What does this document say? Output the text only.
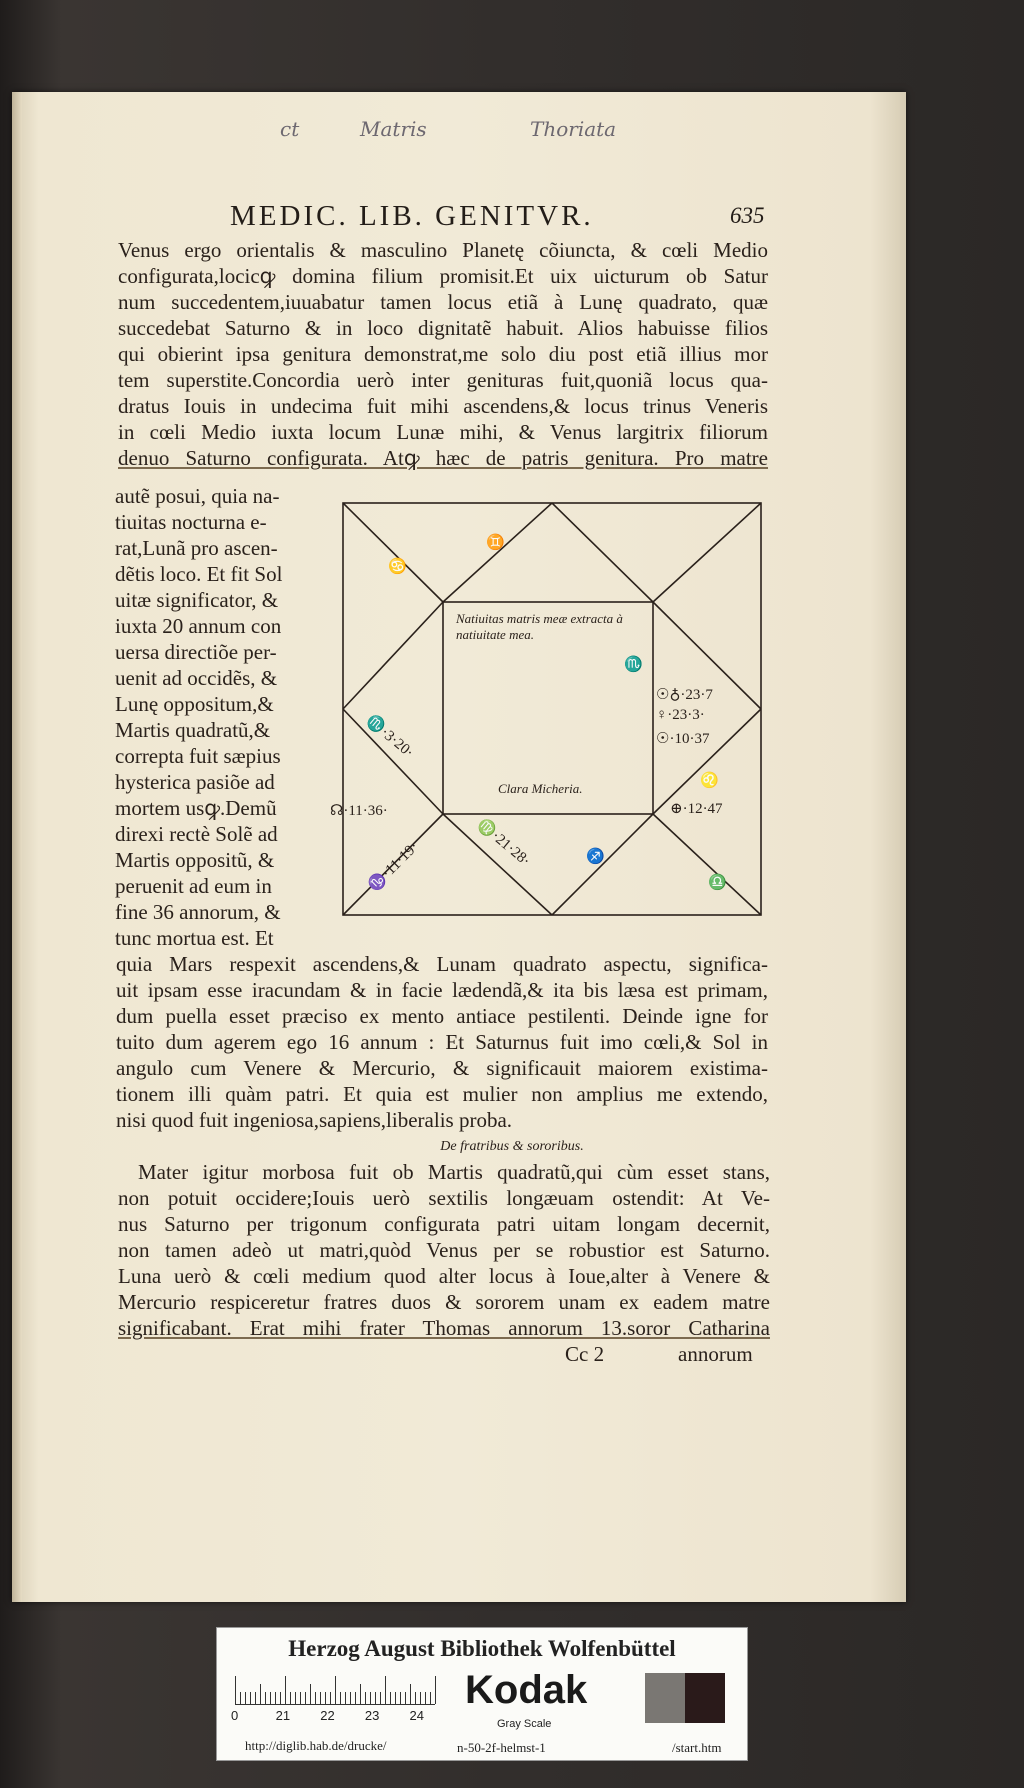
ct	Matris	Thoriata
MEDIC. LIB. GENITVR.	635
Venus ergo orientalis & masculino Planetę cõiuncta, & cœli Medio
configurata,locicꝙ domina filium promisit.Et uix uicturum ob Satur
num succedentem,iuuabatur tamen locus etiã à Lunę quadrato, quæ
succedebat Saturno & in loco dignitatẽ habuit. Alios habuisse filios
qui obierint ipsa genitura demonstrat,me solo diu post etiã illius mor
tem superstite.Concordia uerò inter genituras fuit,quoniã locus qua-
dratus Iouis in undecima fuit mihi ascendens,& locus trinus Veneris
in cœli Medio iuxta locum Lunæ mihi, & Venus largitrix filiorum
denuo Saturno configurata. Atꝙ hæc de patris genitura. Pro matre
autẽ posui, quia na-
tiuitas nocturna e-
rat,Lunã pro ascen-
dẽtis loco. Et fit Sol
uitæ significator, &
iuxta 20 annum con
uersa directiõe per-
uenit ad occidẽs, &
Lunę oppositum,&
Martis quadratũ,&
correpta fuit sæpius
hysterica pasiõe ad
mortem usꝙ.Demũ
direxi rectè Solẽ ad
Martis oppositũ, &
peruenit ad eum in
fine 36 annorum, &
tunc mortua est. Et
Natiuitas matris meæ extracta à natiuitate mea.
Clara Micheria.
☉♁·23·7
♀·23·3·
☉·10·37
☊·11·36·
♌
⊕·12·47
♏·3·20·
♏
♍·21·28·
♑·11·19·
♋
♊
♐
♎
quia Mars respexit ascendens,& Lunam quadrato aspectu, significa-
uit ipsam esse iracundam & in facie lædendã,& ita bis læsa est primam,
dum puella esset præciso ex mento antiace pestilenti. Deinde igne for
tuito dum agerem ego 16 annum : Et Saturnus fuit imo cœli,& Sol in
angulo cum Venere & Mercurio, & significauit maiorem existima-
tionem illi quàm patri. Et quia est mulier non amplius me extendo,
nisi quod fuit ingeniosa,sapiens,liberalis proba.
De fratribus & sororibus.
Mater igitur morbosa fuit ob Martis quadratũ,qui cùm esset stans,
non potuit occidere;Iouis uerò sextilis longæuam ostendit: At Ve-
nus Saturno per trigonum configurata patri uitam longam decernit,
non tamen adeò ut matri,quòd Venus per se robustior est Saturno.
Luna uerò & cœli medium quod alter locus à Ioue,alter à Venere &
Mercurio respiceretur fratres duos & sororem unam ex eadem matre
significabant. Erat mihi frater Thomas annorum 13.soror Catharina
Cc 2	annorum
Herzog August Bibliothek Wolfenbüttel
0	21 22 23 24
Kodak
Gray Scale
http://diglib.hab.de/drucke/	n-50-2f-helmst-1	/start.htm
